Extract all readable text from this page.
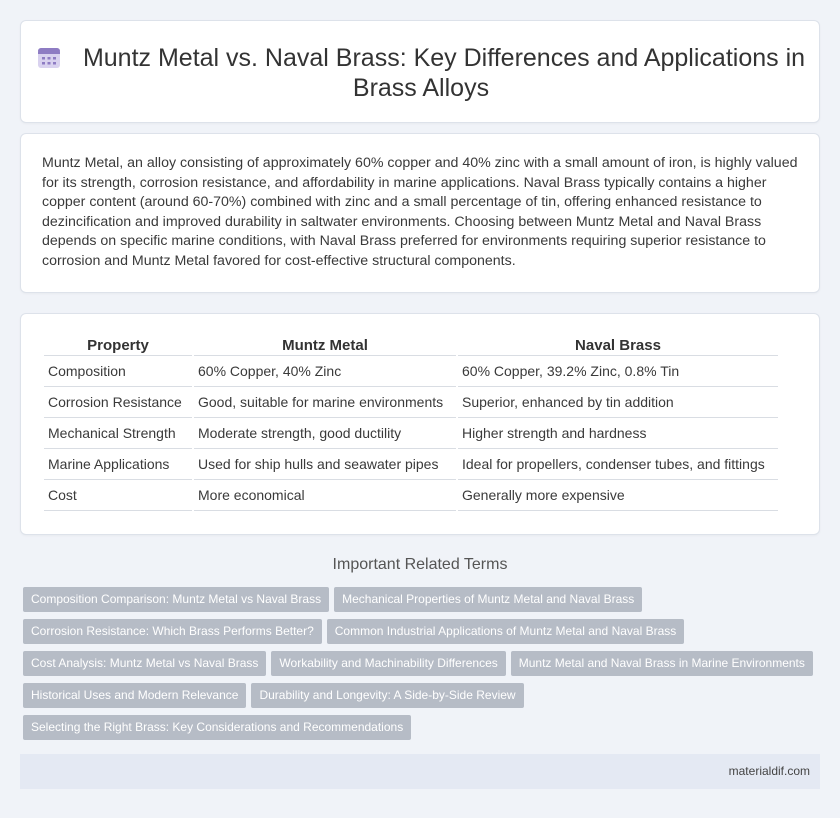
Muntz Metal vs. Naval Brass: Key Differences and Applications in
Brass Alloys

Muntz Metal, an alloy consisting of approximately 60% copper and 40% zinc with a small amount of iron, is highly valued for its strength, corrosion resistance, and affordability in marine applications. Naval Brass typically contains a higher copper content (around 60-70%) combined with zinc and a small percentage of tin, offering enhanced resistance to dezincification and improved durability in saltwater environments. Choosing between Muntz Metal and Naval Brass depends on specific marine conditions, with Naval Brass preferred for environments requiring superior resistance to corrosion and Muntz Metal favored for cost-effective structural components.

Property	Muntz Metal	Naval Brass
Composition	60% Copper, 40% Zinc	60% Copper, 39.2% Zinc, 0.8% Tin
Corrosion Resistance	Good, suitable for marine environments	Superior, enhanced by tin addition
Mechanical Strength	Moderate strength, good ductility	Higher strength and hardness
Marine Applications	Used for ship hulls and seawater pipes	Ideal for propellers, condenser tubes, and fittings
Cost	More economical	Generally more expensive
Important Related Terms
Composition Comparison: Muntz Metal vs Naval Brass Mechanical Properties of Muntz Metal and Naval Brass
Corrosion Resistance: Which Brass Performs Better? Common Industrial Applications of Muntz Metal and Naval Brass
Cost Analysis: Muntz Metal vs Naval Brass Workability and Machinability Differences Muntz Metal and Naval Brass in Marine Environments
Historical Uses and Modern Relevance Durability and Longevity: A Side-by-Side Review
Selecting the Right Brass: Key Considerations and Recommendations
materialdif.com
